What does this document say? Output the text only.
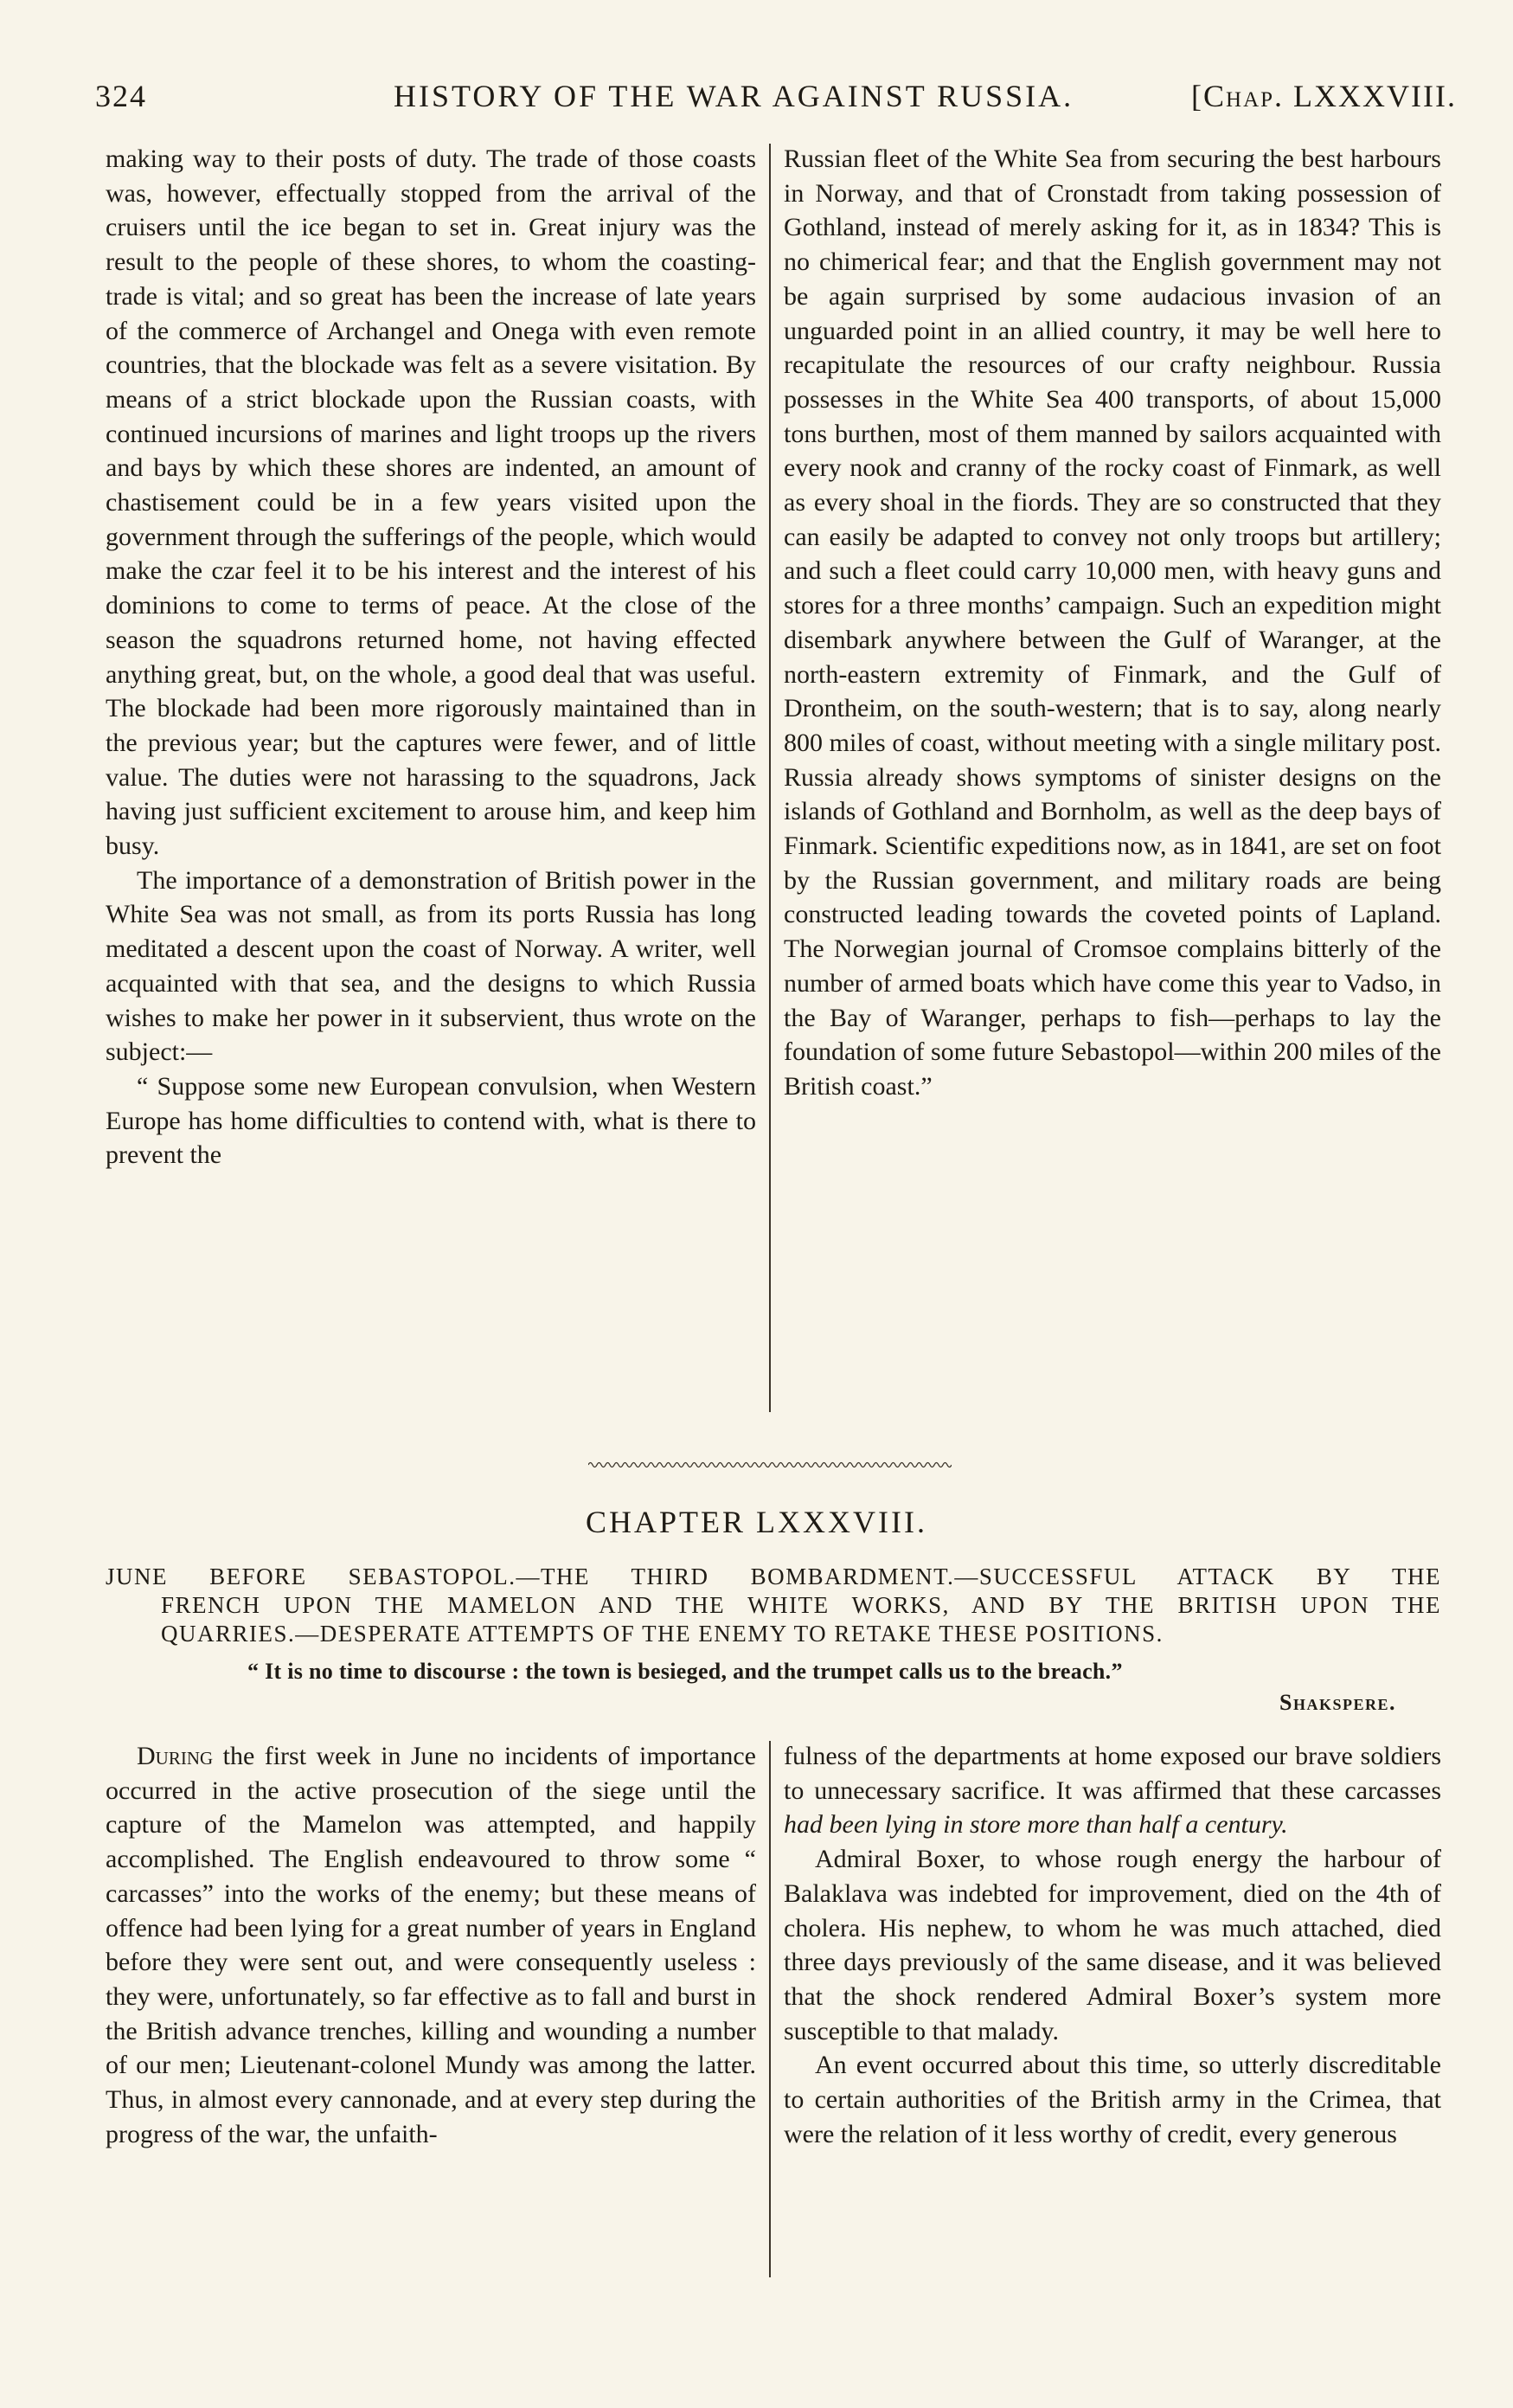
324	HISTORY OF THE WAR AGAINST RUSSIA.	[Chap. LXXXVIII.

making way to their posts of duty. The trade of those coasts was, however, effectually stopped from the arrival of the cruisers until the ice began to set in. Great injury was the result to the people of these shores, to whom the coasting-trade is vital; and so great has been the increase of late years of the commerce of Archangel and Onega with even remote countries, that the blockade was felt as a severe visitation. By means of a strict blockade upon the Russian coasts, with continued incursions of marines and light troops up the rivers and bays by which these shores are indented, an amount of chastisement could be in a few years visited upon the government through the sufferings of the people, which would make the czar feel it to be his interest and the interest of his dominions to come to terms of peace. At the close of the season the squadrons returned home, not having effected anything great, but, on the whole, a good deal that was useful. The blockade had been more rigorously maintained than in the previous year; but the captures were fewer, and of little value. The duties were not harassing to the squadrons, Jack having just sufficient excitement to arouse him, and keep him busy.

The importance of a demonstration of British power in the White Sea was not small, as from its ports Russia has long meditated a descent upon the coast of Norway. A writer, well acquainted with that sea, and the designs to which Russia wishes to make her power in it subservient, thus wrote on the subject:—

“ Suppose some new European convulsion, when Western Europe has home difficulties to contend with, what is there to prevent the

Russian fleet of the White Sea from securing the best harbours in Norway, and that of Cronstadt from taking possession of Gothland, instead of merely asking for it, as in 1834? This is no chimerical fear; and that the English government may not be again surprised by some audacious invasion of an unguarded point in an allied country, it may be well here to recapitulate the resources of our crafty neighbour. Russia possesses in the White Sea 400 transports, of about 15,000 tons burthen, most of them manned by sailors acquainted with every nook and cranny of the rocky coast of Finmark, as well as every shoal in the fiords. They are so constructed that they can easily be adapted to convey not only troops but artillery; and such a fleet could carry 10,000 men, with heavy guns and stores for a three months’ campaign. Such an expedition might disembark anywhere between the Gulf of Waranger, at the north-eastern extremity of Finmark, and the Gulf of Drontheim, on the south-western; that is to say, along nearly 800 miles of coast, without meeting with a single military post. Russia already shows symptoms of sinister designs on the islands of Gothland and Bornholm, as well as the deep bays of Finmark. Scientific expeditions now, as in 1841, are set on foot by the Russian government, and military roads are being constructed leading towards the coveted points of Lapland. The Norwegian journal of Cromsoe complains bitterly of the number of armed boats which have come this year to Vadso, in the Bay of Waranger, perhaps to fish—perhaps to lay the foundation of some future Sebastopol—within 200 miles of the British coast.”

CHAPTER LXXXVIII.

JUNE BEFORE SEBASTOPOL.—THE THIRD BOMBARDMENT.—SUCCESSFUL ATTACK BY THE

FRENCH UPON THE MAMELON AND THE WHITE WORKS, AND BY THE BRITISH UPON THE

QUARRIES.—DESPERATE ATTEMPTS OF THE ENEMY TO RETAKE THESE POSITIONS.

“ It is no time to discourse : the town is besieged, and the trumpet calls us to the breach.”
Shakspere.

During the first week in June no incidents of importance occurred in the active prosecution of the siege until the capture of the Mamelon was attempted, and happily accomplished. The English endeavoured to throw some “ carcasses” into the works of the enemy; but these means of offence had been lying for a great number of years in England before they were sent out, and were consequently useless : they were, unfortunately, so far effective as to fall and burst in the British advance trenches, killing and wounding a number of our men; Lieutenant-colonel Mundy was among the latter. Thus, in almost every cannonade, and at every step during the progress of the war, the unfaith-

fulness of the departments at home exposed our brave soldiers to unnecessary sacrifice. It was affirmed that these carcasses had been lying in store more than half a century.

Admiral Boxer, to whose rough energy the harbour of Balaklava was indebted for improvement, died on the 4th of cholera. His nephew, to whom he was much attached, died three days previously of the same disease, and it was believed that the shock rendered Admiral Boxer’s system more susceptible to that malady.

An event occurred about this time, so utterly discreditable to certain authorities of the British army in the Crimea, that were the relation of it less worthy of credit, every generous
